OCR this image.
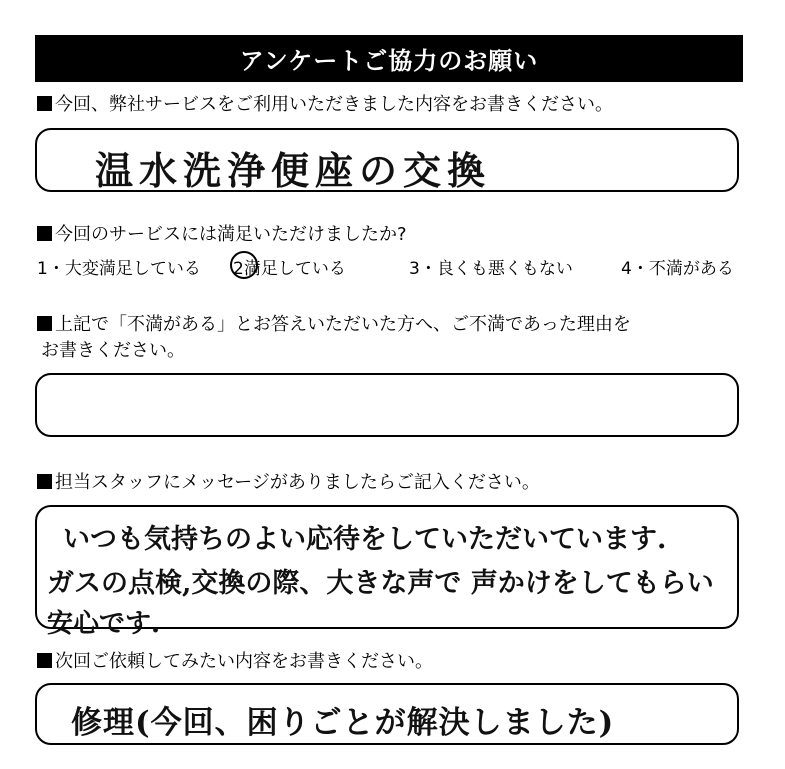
アンケートご協力のお願い
今回、弊社サービスをご利用いただきました内容をお書きください。
温水洗浄便座の交換
今回のサービスには満足いただけましたか?
1・大変満足している 2満足している	3・良くも悪くもない	4・不満がある
上記で「不満がある」とお答えいただいた方へ、ご不満であった理由を
お書きください。
担当スタッフにメッセージがありましたらご記入ください。
いつも気持ちのよい応待をしていただいています.
ガスの点検,交換の際、大きな声で 声かけをしてもらい
安心です.
次回ご依頼してみたい内容をお書きください。
修理(今回、困りごとが解決しました)
